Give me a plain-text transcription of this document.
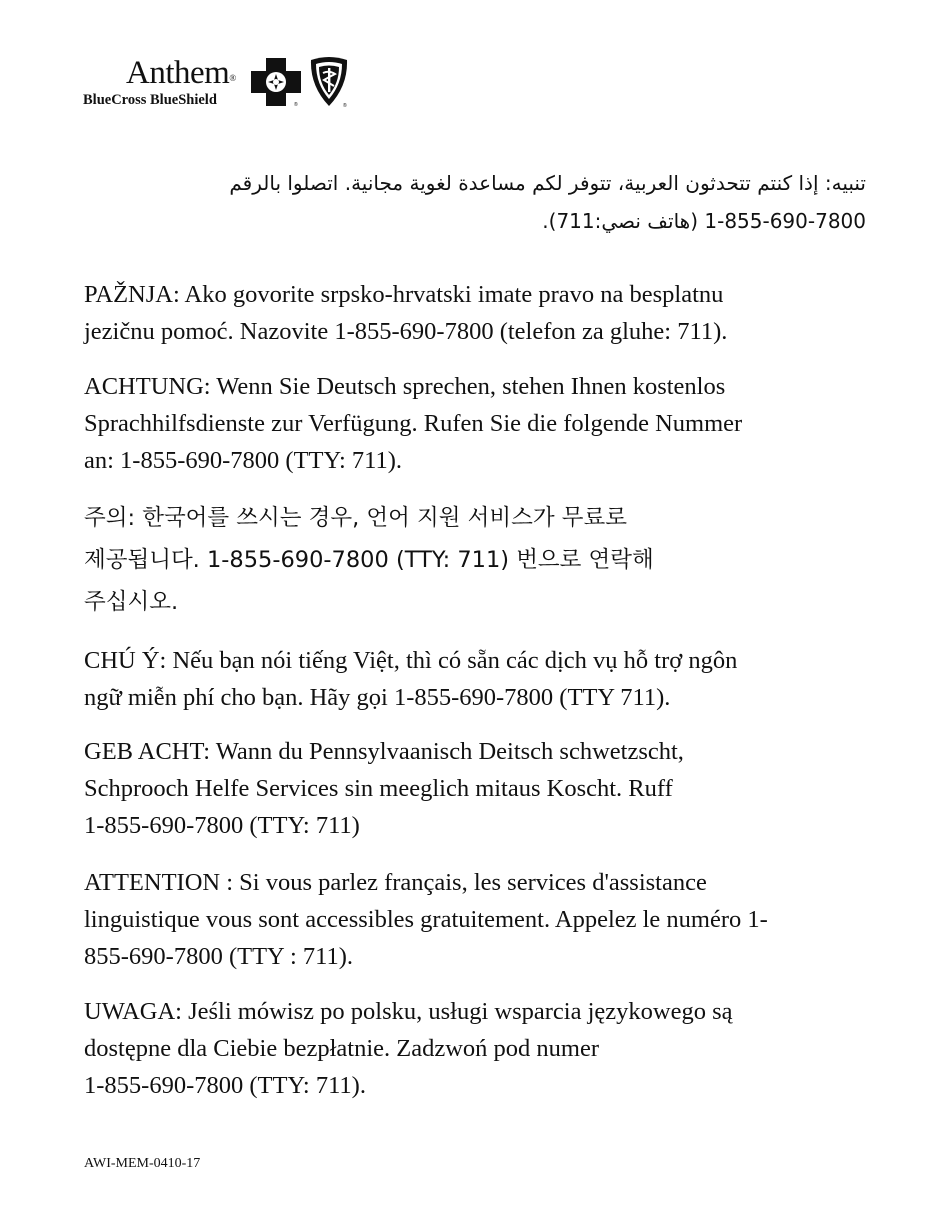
Anthem®
BlueCross BlueShield	®	®

تنبيه: إذا كنتم تتحدثون العربية، تتوفر لكم مساعدة لغوية مجانية. اتصلوا بالرقم
1-855-690-7800 (هاتف نصي:711).

PAŽNJA: Ako govorite srpsko-hrvatski imate pravo na besplatnu
jezičnu pomoć. Nazovite 1-855-690-7800 (telefon za gluhe: 711).

ACHTUNG: Wenn Sie Deutsch sprechen, stehen Ihnen kostenlos
Sprachhilfsdienste zur Verfügung. Rufen Sie die folgende Nummer
an: 1-855-690-7800 (TTY: 711).

주의: 한국어를 쓰시는 경우, 언어 지원 서비스가 무료로
제공됩니다. 1-855-690-7800 (TTY: 711) 번으로 연락해
주십시오.

CHÚ Ý: Nếu bạn nói tiếng Việt, thì có sẵn các dịch vụ hỗ trợ ngôn
ngữ miễn phí cho bạn. Hãy gọi 1-855-690-7800 (TTY 711).

GEB ACHT: Wann du Pennsylvaanisch Deitsch schwetzscht,
Schprooch Helfe Services sin meeglich mitaus Koscht. Ruff
1-855-690-7800 (TTY: 711)

ATTENTION : Si vous parlez français, les services d'assistance
linguistique vous sont accessibles gratuitement. Appelez le numéro 1-
855-690-7800 (TTY : 711).

UWAGA: Jeśli mówisz po polsku, usługi wsparcia językowego są
dostępne dla Ciebie bezpłatnie. Zadzwoń pod numer
1-855-690-7800 (TTY: 711).

AWI-MEM-0410-17
